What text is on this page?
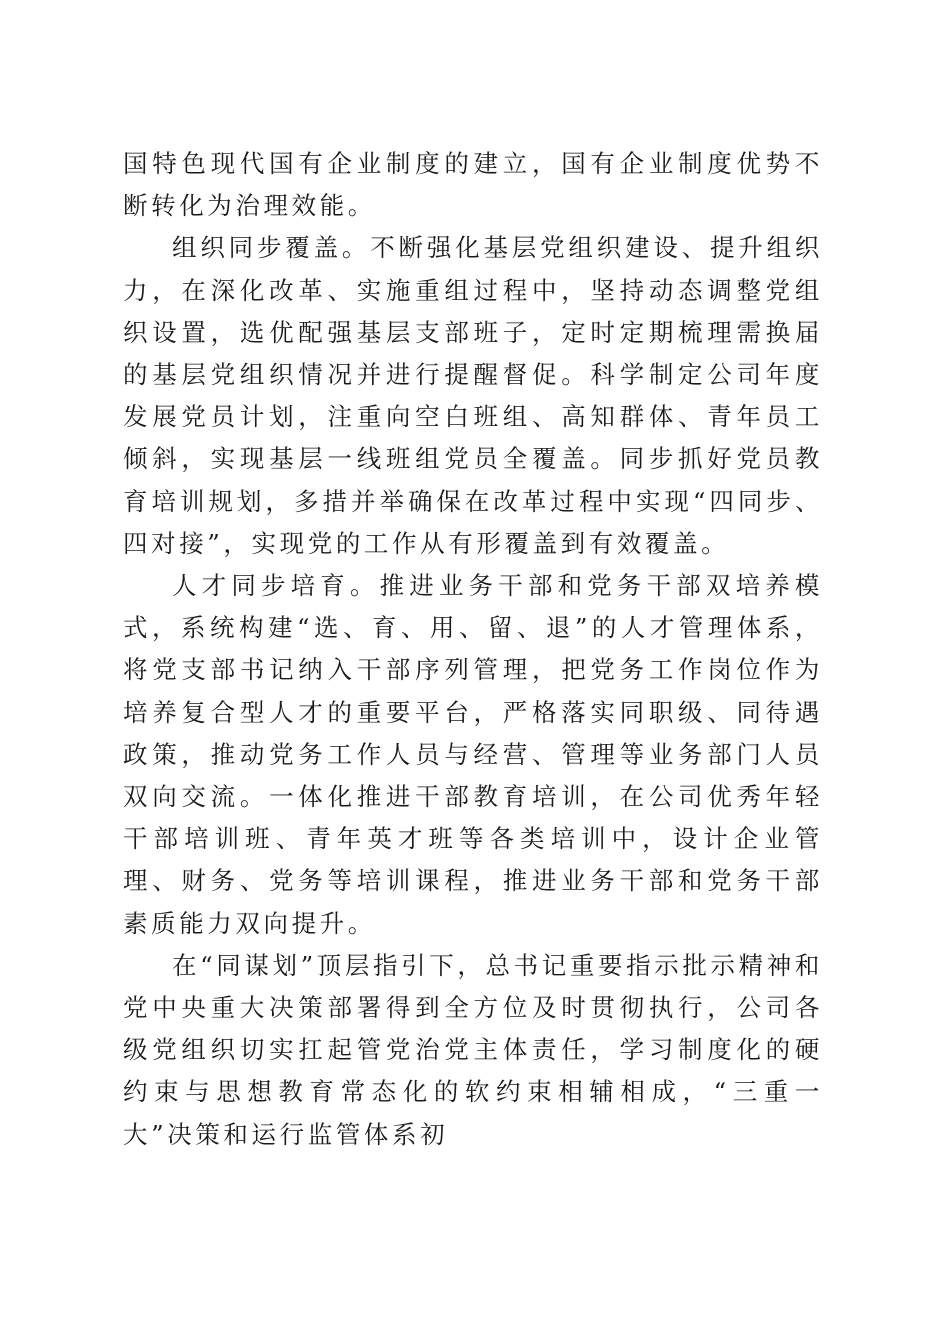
国特色现代国有企业制度的建立，国有企业制度优势不断转化为治理效能。

组织同步覆盖。不断强化基层党组织建设、提升组织力，在深化改革、实施重组过程中，坚持动态调整党组织设置，选优配强基层支部班子，定时定期梳理需换届的基层党组织情况并进行提醒督促。科学制定公司年度发展党员计划，注重向空白班组、高知群体、青年员工倾斜，实现基层一线班组党员全覆盖。同步抓好党员教育培训规划，多措并举确保在改革过程中实现“四同步、四对接”，实现党的工作从有形覆盖到有效覆盖。

人才同步培育。推进业务干部和党务干部双培养模式，系统构建“选、育、用、留、退”的人才管理体系，将党支部书记纳入干部序列管理，把党务工作岗位作为培养复合型人才的重要平台，严格落实同职级、同待遇政策，推动党务工作人员与经营、管理等业务部门人员双向交流。一体化推进干部教育培训，在公司优秀年轻干部培训班、青年英才班等各类培训中，设计企业管理、财务、党务等培训课程，推进业务干部和党务干部素质能力双向提升。

在“同谋划”顶层指引下，总书记重要指示批示精神和党中央重大决策部署得到全方位及时贯彻执行，公司各级党组织切实扛起管党治党主体责任，学习制度化的硬约束与思想教育常态化的软约束相辅相成，“三重一大”决策和运行监管体系初
